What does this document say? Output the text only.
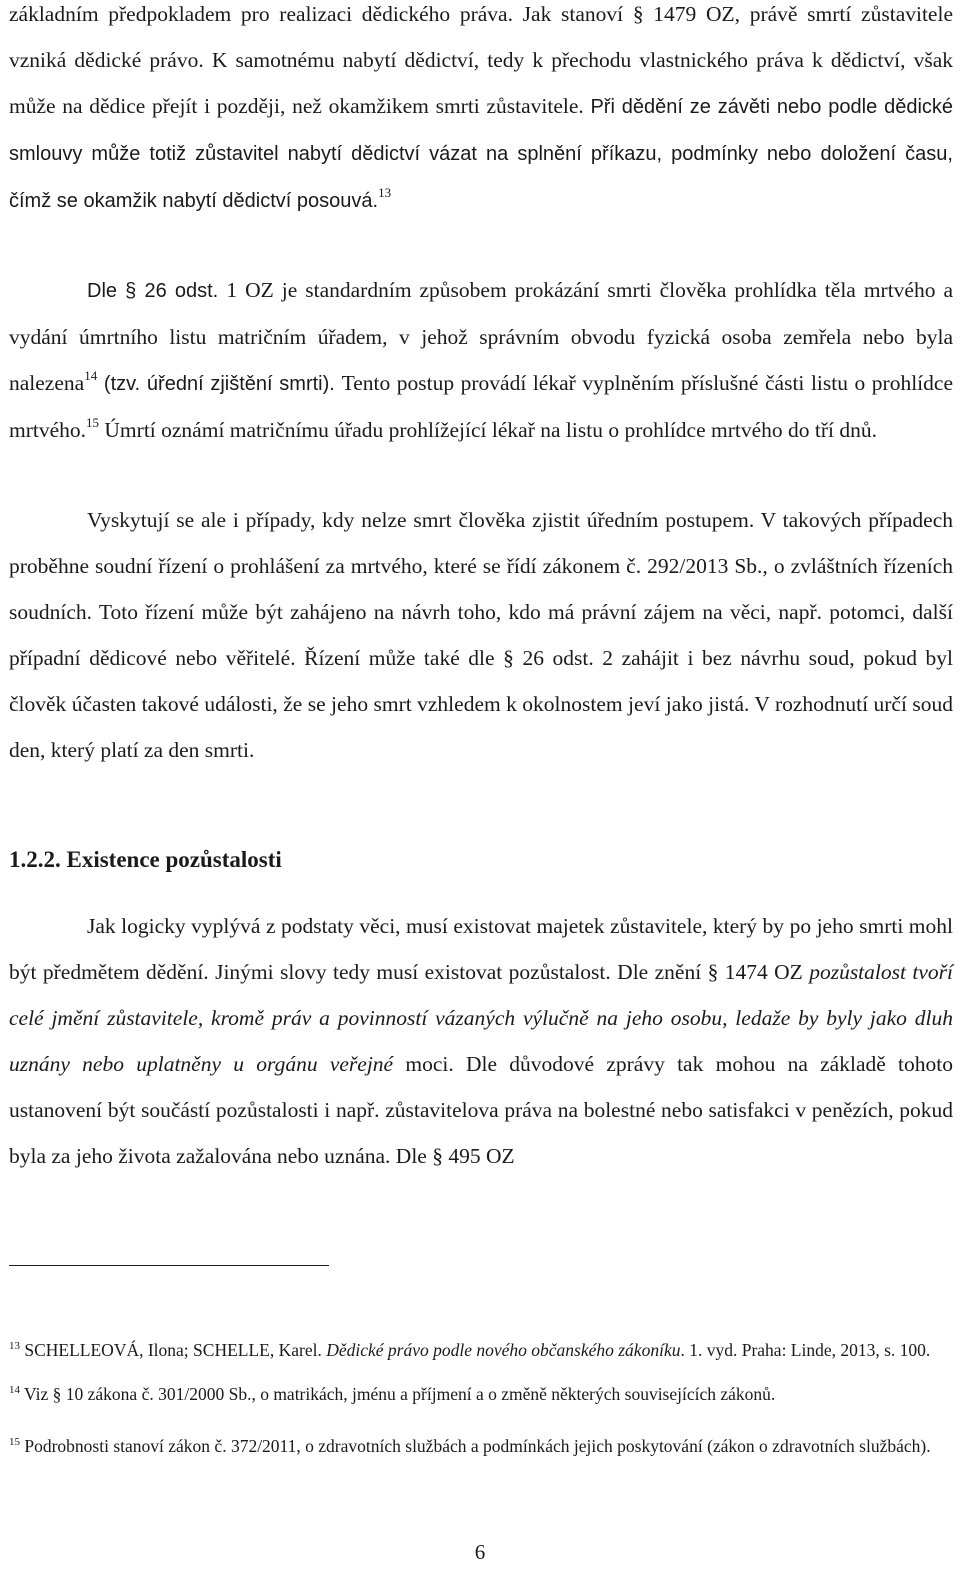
základním předpokladem pro realizaci dědického práva. Jak stanoví § 1479 OZ, právě smrtí zůstavitele vzniká dědické právo. K samotnému nabytí dědictví, tedy k přechodu vlastnického práva k dědictví, však může na dědice přejít i později, než okamžikem smrti zůstavitele. Při dědění ze závěti nebo podle dědické smlouvy může totiž zůstavitel nabytí dědictví vázat na splnění příkazu, podmínky nebo doložení času, čímž se okamžik nabytí dědictví posouvá.$^{13}$

Dle § 26 odst. 1 OZ je standardním způsobem prokázání smrti člověka prohlídka těla mrtvého a vydání úmrtního listu matričním úřadem, v jehož správním obvodu fyzická osoba zemřela nebo byla nalezena$^{14}$ (tzv. úřední zjištění smrti). Tento postup provádí lékař vyplněním příslušné části listu o prohlídce mrtvého.$^{15}$ Úmrtí oznámí matričnímu úřadu prohlížející lékař na listu o prohlídce mrtvého do tří dnů.

Vyskytují se ale i případy, kdy nelze smrt člověka zjistit úředním postupem. V takových případech proběhne soudní řízení o prohlášení za mrtvého, které se řídí zákonem č. 292/2013 Sb., o zvláštních řízeních soudních. Toto řízení může být zahájeno na návrh toho, kdo má právní zájem na věci, např. potomci, další případní dědicové nebo věřitelé. Řízení může také dle § 26 odst. 2 zahájit i bez návrhu soud, pokud byl člověk účasten takové události, že se jeho smrt vzhledem k okolnostem jeví jako jistá. V rozhodnutí určí soud den, který platí za den smrti.

1.2.2. Existence pozůstalosti

Jak logicky vyplývá z podstaty věci, musí existovat majetek zůstavitele, který by po jeho smrti mohl být předmětem dědění. Jinými slovy tedy musí existovat pozůstalost. Dle znění § 1474 OZ pozůstalost tvoří celé jmění zůstavitele, kromě práv a povinností vázaných výlučně na jeho osobu, ledaže by byly jako dluh uznány nebo uplatněny u orgánu veřejné moci. Dle důvodové zprávy tak mohou na základě tohoto ustanovení být součástí pozůstalosti i např. zůstavitelova práva na bolestné nebo satisfakci v penězích, pokud byla za jeho života zažalována nebo uznána. Dle § 495 OZ

$^{13}$ SCHELLEOVÁ, Ilona; SCHELLE, Karel. Dědické právo podle nového občanského zákoníku. 1. vyd. Praha: Linde, 2013, s. 100.

$^{14}$ Viz § 10 zákona č. 301/2000 Sb., o matrikách, jménu a příjmení a o změně některých souvisejících zákonů.

$^{15}$ Podrobnosti stanoví zákon č. 372/2011, o zdravotních službách a podmínkách jejich poskytování (zákon o zdravotních službách).

6
